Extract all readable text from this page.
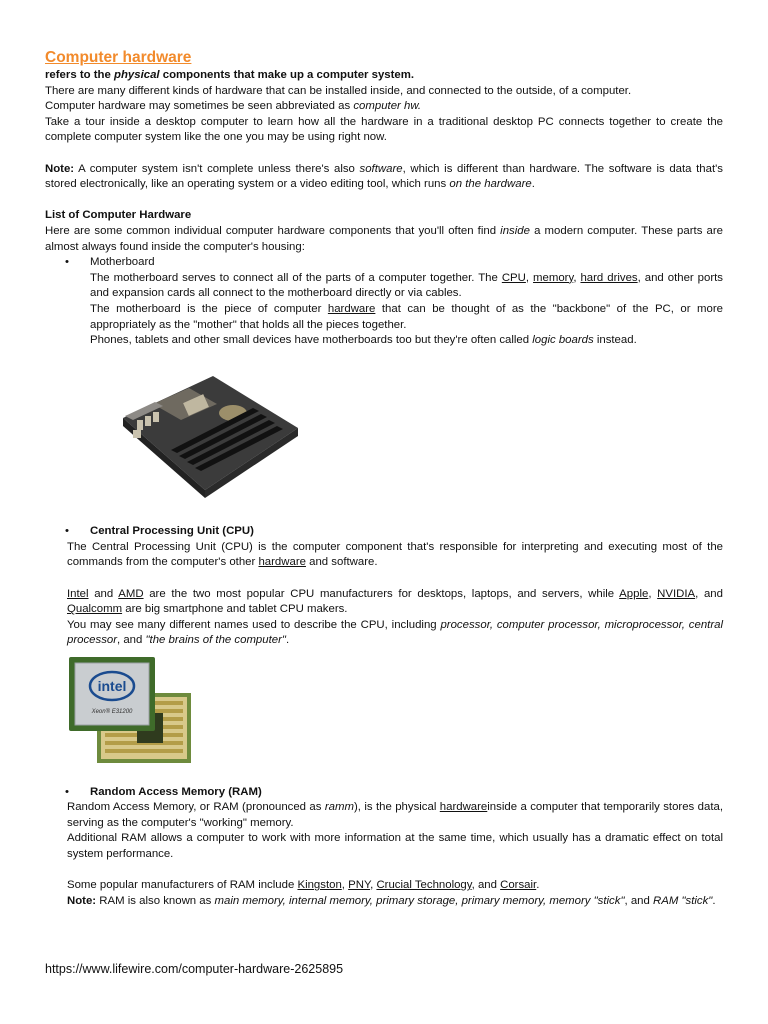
Computer hardware

refers to the physical components that make up a computer system.

There are many different kinds of hardware that can be installed inside, and connected to the outside, of a computer.

Computer hardware may sometimes be seen abbreviated as computer hw.

Take a tour inside a desktop computer to learn how all the hardware in a traditional desktop PC connects together to create the complete computer system like the one you may be using right now.

Note: A computer system isn't complete unless there's also software, which is different than hardware. The software is data that's stored electronically, like an operating system or a video editing tool, which runs on the hardware.

List of Computer Hardware

Here are some common individual computer hardware components that you'll often find inside a modern computer. These parts are almost always found inside the computer's housing:

• Motherboard

The motherboard serves to connect all of the parts of a computer together. The CPU, memory, hard drives, and other ports and expansion cards all connect to the motherboard directly or via cables.

The motherboard is the piece of computer hardware that can be thought of as the "backbone" of the PC, or more appropriately as the "mother" that holds all the pieces together.

Phones, tablets and other small devices have motherboards too but they're often called logic boards instead.

• Central Processing Unit (CPU)

The Central Processing Unit (CPU) is the computer component that's responsible for interpreting and executing most of the commands from the computer's other hardware and software.

Intel and AMD are the two most popular CPU manufacturers for desktops, laptops, and servers, while Apple, NVIDIA, and Qualcomm are big smartphone and tablet CPU makers.

You may see many different names used to describe the CPU, including processor, computer processor, microprocessor, central processor, and "the brains of the computer".

intel
Xeon® E31200

• Random Access Memory (RAM)

Random Access Memory, or RAM (pronounced as ramm), is the physical hardwareinside a computer that temporarily stores data, serving as the computer's "working" memory.

Additional RAM allows a computer to work with more information at the same time, which usually has a dramatic effect on total system performance.

Some popular manufacturers of RAM include Kingston, PNY, Crucial Technology, and Corsair.

Note: RAM is also known as main memory, internal memory, primary storage, primary memory, memory "stick", and RAM "stick".

https://www.lifewire.com/computer-hardware-2625895
